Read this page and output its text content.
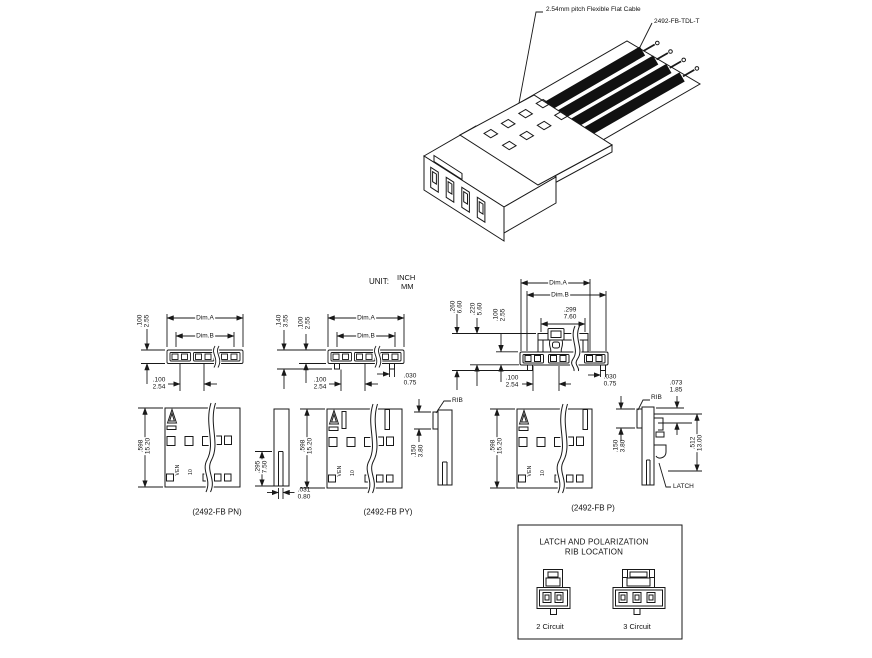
2.54mm pitch Flexible Flat Cable
2492-FB-TDL-T
UNIT: INCH
MM
Dim.A
Dim.B
.100 2.55
.100
2.54
Dim.A
Dim.B
.140 3.55 .100 2.55
.100
2.54
.030
0.75
Dim.A
Dim.B
.299
7.60
.260 6.60 .220 5.60 .100 2.55
.100
2.54
.030
0.75
.598 15.20
VEN 10
(2492-FB PN)
.295 7.50
.031
0.80
.598 15.20
VEN 10
RIB
.150 3.80
(2492-FB PY)
.598 15.20
VEN 10
RIB
.073
1.85
.150 3.80	.512 13.00
LATCH
(2492-FB P)
LATCH AND POLARIZATION
RIB LOCATION
2 Circuit	3 Circuit
